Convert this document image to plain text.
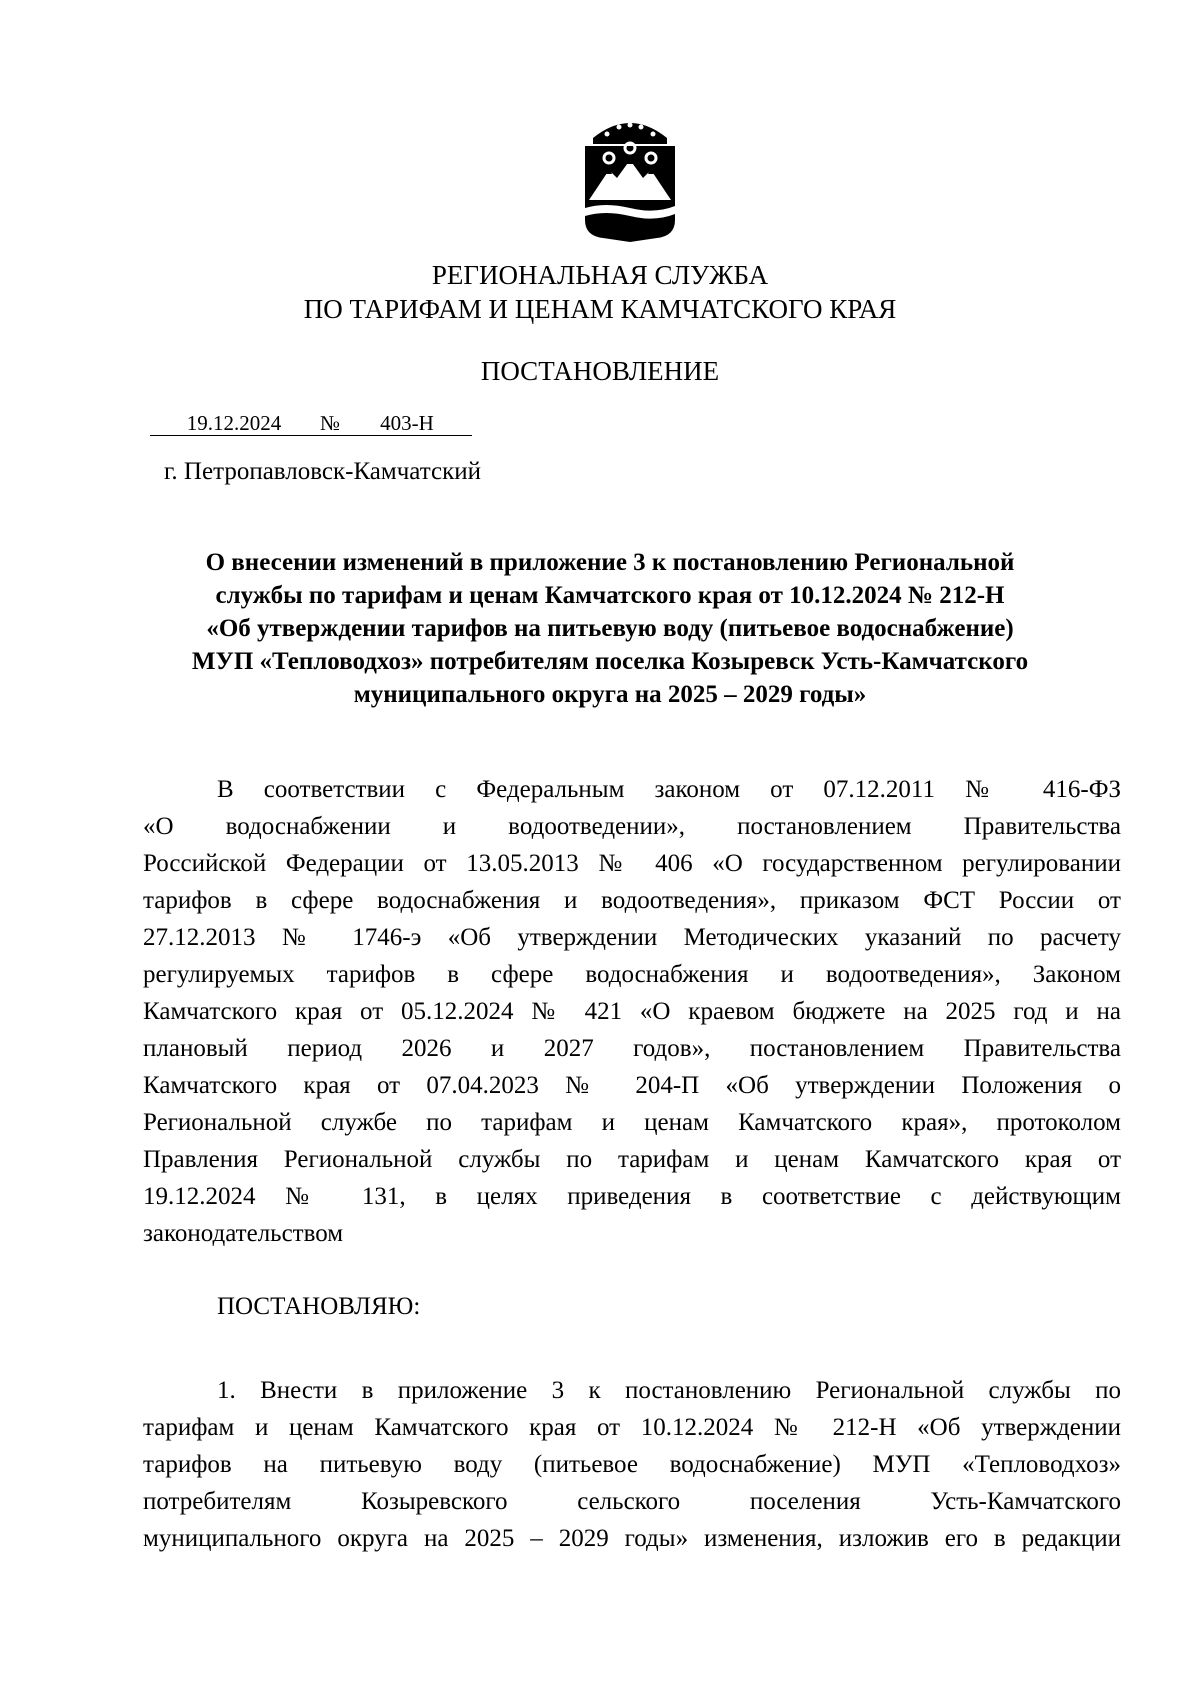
РЕГИОНАЛЬНАЯ СЛУЖБА
ПО ТАРИФАМ И ЦЕНАМ КАМЧАТСКОГО КРАЯ
ПОСТАНОВЛЕНИЕ
19.12.2024 № 403-Н
г. Петропавловск-Камчатский
О внесении изменений в приложение 3 к постановлению Региональной
службы по тарифам и ценам Камчатского края от 10.12.2024 № 212-Н
«Об утверждении тарифов на питьевую воду (питьевое водоснабжение)
МУП «Тепловодхоз» потребителям поселка Козыревск Усть-Камчатского
муниципального округа на 2025 – 2029 годы»
В соответствии с Федеральным законом от 07.12.2011 № 416-ФЗ
«О водоснабжении и водоотведении», постановлением Правительства
Российской Федерации от 13.05.2013 № 406 «О государственном регулировании
тарифов в сфере водоснабжения и водоотведения», приказом ФСТ России от
27.12.2013 № 1746-э «Об утверждении Методических указаний по расчету
регулируемых тарифов в сфере водоснабжения и водоотведения», Законом
Камчатского края от 05.12.2024 № 421 «О краевом бюджете на 2025 год и на
плановый период 2026 и 2027 годов», постановлением Правительства
Камчатского края от 07.04.2023 № 204-П «Об утверждении Положения о
Региональной службе по тарифам и ценам Камчатского края», протоколом
Правления Региональной службы по тарифам и ценам Камчатского края от
19.12.2024 № 131, в целях приведения в соответствие с действующим
законодательством
ПОСТАНОВЛЯЮ:
1. Внести в приложение 3 к постановлению Региональной службы по
тарифам и ценам Камчатского края от 10.12.2024 № 212-Н «Об утверждении
тарифов на питьевую воду (питьевое водоснабжение) МУП «Тепловодхоз»
потребителям Козыревского сельского поселения Усть-Камчатского
муниципального округа на 2025 – 2029 годы» изменения, изложив его в редакции
